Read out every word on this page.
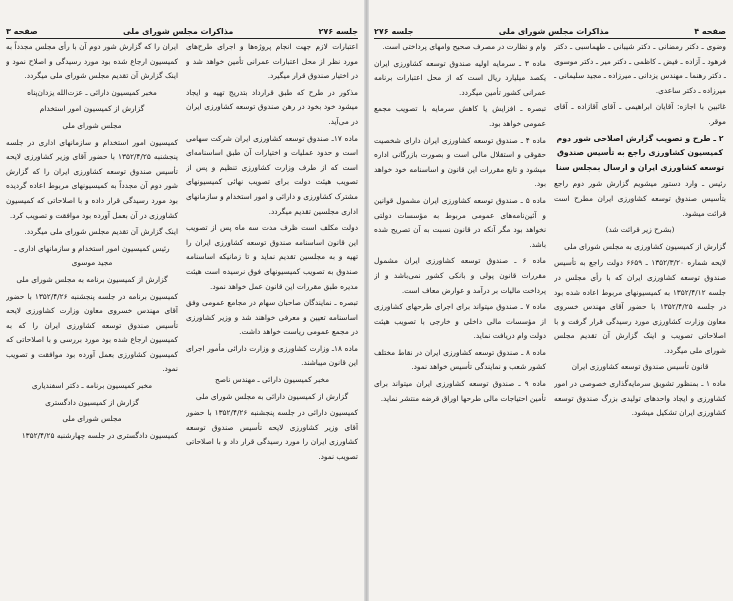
صفحه ۳	مذاکرات مجلس شورای ملی	جلسه ۲۷۶

اعتبارات لازم جهت انجام پروژه‌ها و اجرای طرح‌های مورد نظر از محل اعتبارات عمرانی تأمین خواهد شد و در اختیار صندوق قرار میگیرد.

مذکور در طرح که طبق قرارداد بتدریج تهیه و ایجاد میشود خود بخود در رهن صندوق توسعه کشاورزی ایران در می‌آید.

ماده ۱۷ـ صندوق توسعه کشاورزی ایران شرکت سهامی است و حدود عملیات و اختیارات آن طبق اساسنامه‌ای است که از طرف وزارت کشاورزی تنظیم و پس از تصویب هیئت دولت برای تصویب نهائی کمیسیونهای مشترک کشاورزی و دارائی و امور استخدام و سازمانهای اداری مجلسین تقدیم میگردد.

دولت مکلف است ظرف مدت سه ماه پس از تصویب این قانون اساسنامه صندوق توسعه کشاورزی ایران را تهیه و به مجلسین تقدیم نماید و تا زمانیکه اساسنامه صندوق به تصویب کمیسیونهای فوق نرسیده است هیئت مدیره طبق مقررات این قانون عمل خواهد نمود.

تبصره ـ نمایندگان صاحبان سهام در مجامع عمومی وفق اساسنامه تعیین و معرفی خواهند شد و وزیر کشاورزی در مجمع عمومی ریاست خواهد داشت.

ماده ۱۸ـ وزارت کشاورزی و وزارت دارائی مأمور اجرای این قانون میباشند.

مخبر کمیسیون دارائی ـ مهندس ناصح

گزارش از کمیسیون دارائی به مجلس شورای ملی

کمیسیون دارائی در جلسه پنجشنبه ۱۳۵۲/۴/۲۶ با حضور آقای وزیر کشاورزی لایحه تأسیس صندوق توسعه کشاورزی ایران را مورد رسیدگی قرار داد و با اصلاحاتی تصویب نمود.

ایران را که گزارش شور دوم آن با رأی مجلس مجدداً به کمیسیون ارجاع شده بود مورد رسیدگی و اصلاح نمود و اینک گزارش آن تقدیم مجلس شورای ملی میگردد.

مخبر کمیسیون دارائی ـ عزت‌الله یزدان‌پناه

گزارش از کمیسیون امور استخدام

مجلس شورای ملی

کمیسیون امور استخدام و سازمانهای اداری در جلسه پنجشنبه ۱۳۵۲/۴/۲۵ با حضور آقای وزیر کشاورزی لایحه تأسیس صندوق توسعه کشاورزی ایران را که گزارش شور دوم آن مجدداً به کمیسیونهای مربوط اعاده گردیده بود مورد رسیدگی قرار داده و با اصلاحاتی که کمیسیون کشاورزی در آن بعمل آورده بود موافقت و تصویب کرد.

اینک گزارش آن تقدیم مجلس شورای ملی میگردد.

رئیس کمیسیون امور استخدام و سازمانهای اداری ـ مجید موسوی

گزارش از کمیسیون برنامه به مجلس شورای ملی

کمیسیون برنامه در جلسه پنجشنبه ۱۳۵۲/۴/۲۶ با حضور آقای مهندس خسروی معاون وزارت کشاورزی لایحه تأسیس صندوق توسعه کشاورزی ایران را که به کمیسیون ارجاع شده بود مورد بررسی و با اصلاحاتی که کمیسیون کشاورزی بعمل آورده بود موافقت و تصویب نمود.

مخبر کمیسیون برنامه ـ دکتر اسفندیاری

گزارش از کمیسیون دادگستری

مجلس شورای ملی

کمیسیون دادگستری در جلسه چهارشنبه ۱۳۵۲/۴/۲۵

جلسه ۲۷۶	مذاکرات مجلس شورای ملی	صفحه ۴

وضوی ـ دکتر رمضانی ـ دکتر شیبانی ـ طهماسبی ـ دکتر فرهود ـ آزاده ـ فیض ـ کاظمی ـ دکتر میر ـ دکتر موسوی ـ دکتر رهنما ـ مهندس یزدانی ـ میرزاده ـ مجید سلیمانی ـ میرزاده ـ دکتر ساعدی.

غائبین با اجازه: آقایان ابراهیمی ـ آقای آقازاده ـ آقای موقر.

۲ ـ طرح و تصویب گزارش اصلاحی شور دوم کمیسیون کشاورزی راجع به تأسیس صندوق توسعه کشاورزی ایران و ارسال بمجلس سنا

رئیس ـ وارد دستور میشویم گزارش شور دوم راجع بتأسیس صندوق توسعه کشاورزی ایران مطرح است قرائت میشود.

(بشرح زیر قرائت شد)

گزارش از کمیسیون کشاورزی به مجلس شورای ملی

لایحه شماره ۱۳۵۲/۳/۲۰ ـ ۶۶۵۹ دولت راجع به تأسیس صندوق توسعه کشاورزی ایران که با رأی مجلس در جلسه ۱۳۵۲/۴/۱۲ به کمیسیونهای مربوط اعاده شده بود در جلسه ۱۳۵۲/۴/۲۵ با حضور آقای مهندس خسروی معاون وزارت کشاورزی مورد رسیدگی قرار گرفت و با اصلاحاتی تصویب و اینک گزارش آن تقدیم مجلس شورای ملی میگردد.

قانون تأسیس صندوق توسعه کشاورزی ایران

ماده ۱ ـ بمنظور تشویق سرمایه‌گذاری خصوصی در امور کشاورزی و ایجاد واحدهای تولیدی بزرگ صندوق توسعه کشاورزی ایران تشکیل میشود.

وام و نظارت در مصرف صحیح وامهای پرداختی است.

ماده ۳ ـ سرمایه اولیه صندوق توسعه کشاورزی ایران یکصد میلیارد ریال است که از محل اعتبارات برنامه عمرانی کشور تأمین میگردد.

تبصره ـ افزایش یا کاهش سرمایه با تصویب مجمع عمومی خواهد بود.

ماده ۴ ـ صندوق توسعه کشاورزی ایران دارای شخصیت حقوقی و استقلال مالی است و بصورت بازرگانی اداره میشود و تابع مقررات این قانون و اساسنامه خود خواهد بود.

ماده ۵ ـ صندوق توسعه کشاورزی ایران مشمول قوانین و آئین‌نامه‌های عمومی مربوط به مؤسسات دولتی نخواهد بود مگر آنکه در قانون نسبت به آن تصریح شده باشد.

ماده ۶ ـ صندوق توسعه کشاورزی ایران مشمول مقررات قانون پولی و بانکی کشور نمی‌باشد و از پرداخت مالیات بر درآمد و عوارض معاف است.

ماده ۷ ـ صندوق میتواند برای اجرای طرحهای کشاورزی از مؤسسات مالی داخلی و خارجی با تصویب هیئت دولت وام دریافت نماید.

ماده ۸ ـ صندوق توسعه کشاورزی ایران در نقاط مختلف کشور شعب و نمایندگی تأسیس خواهد نمود.

ماده ۹ ـ صندوق توسعه کشاورزی ایران میتواند برای تأمین احتیاجات مالی طرحها اوراق قرضه منتشر نماید.
